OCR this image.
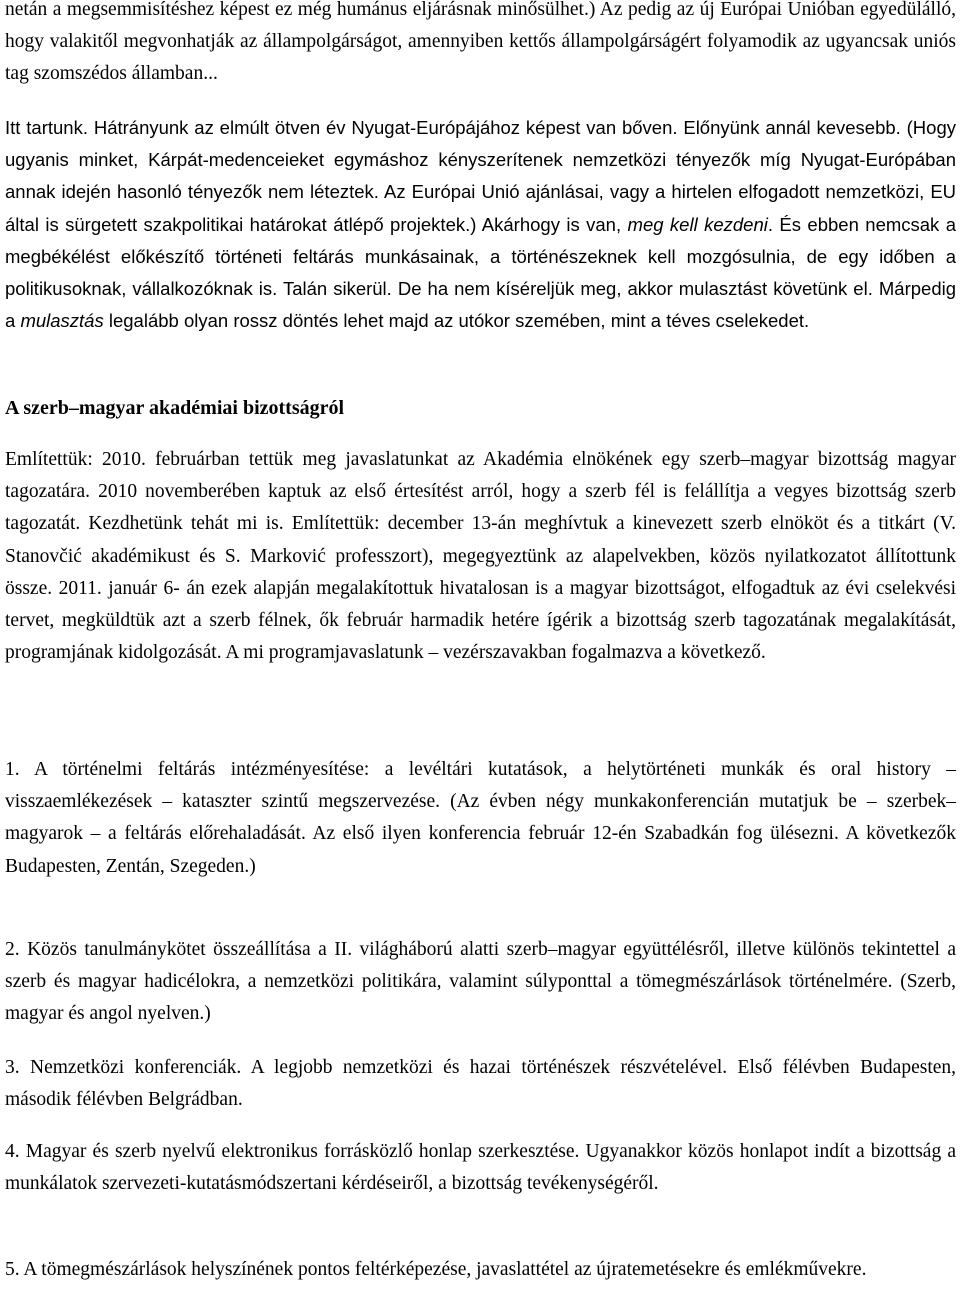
netán a megsemmisítéshez képest ez még humánus eljárásnak minősülhet.) Az pedig az új Európai Unióban egyedülálló, hogy valakitől megvonhatják az állampolgárságot, amennyiben kettős állampolgárságért folyamodik az ugyancsak uniós tag szomszédos államban...

Itt tartunk. Hátrányunk az elmúlt ötven év Nyugat-Európájához képest van bőven. Előnyünk annál kevesebb. (Hogy ugyanis minket, Kárpát-medenceieket egymáshoz kényszerítenek nemzetközi tényezők míg Nyugat-Európában annak idején hasonló tényezők nem léteztek. Az Európai Unió ajánlásai, vagy a hirtelen elfogadott nemzetközi, EU által is sürgetett szakpolitikai határokat átlépő projektek.) Akárhogy is van, meg kell kezdeni. És ebben nemcsak a megbékélést előkészítő történeti feltárás munkásainak, a történészeknek kell mozgósulnia, de egy időben a politikusoknak, vállalkozóknak is. Talán sikerül. De ha nem kíséreljük meg, akkor mulasztást követünk el. Márpedig a mulasztás legalább olyan rossz döntés lehet majd az utókor szemében, mint a téves cselekedet.

A szerb–magyar akadémiai bizottságról

Említettük: 2010. februárban tettük meg javaslatunkat az Akadémia elnökének egy szerb–magyar bizottság magyar tagozatára. 2010 novemberében kaptuk az első értesítést arról, hogy a szerb fél is felállítja a vegyes bizottság szerb tagozatát. Kezdhetünk tehát mi is. Említettük: december 13-án meghívtuk a kinevezett szerb elnököt és a titkárt (V. Stanovčić akadémikust és S. Marković professzort), megegyeztünk az alapelvekben, közös nyilatkozatot állítottunk össze. 2011. január 6- án ezek alapján megalakítottuk hivatalosan is a magyar bizottságot, elfogadtuk az évi cselekvési tervet, megküldtük azt a szerb félnek, ők február harmadik hetére ígérik a bizottság szerb tagozatának megalakítását, programjának kidolgozását. A mi programjavaslatunk – vezérszavakban fogalmazva a következő.

1. A történelmi feltárás intézményesítése: a levéltári kutatások, a helytörténeti munkák és oral history – visszaemlékezések – kataszter szintű megszervezése. (Az évben négy munkakonferencián mutatjuk be – szerbek–magyarok – a feltárás előrehaladását. Az első ilyen konferencia február 12-én Szabadkán fog ülésezni. A következők Budapesten, Zentán, Szegeden.)

2. Közös tanulmánykötet összeállítása a II. világháború alatti szerb–magyar együttélésről, illetve különös tekintettel a szerb és magyar hadicélokra, a nemzetközi politikára, valamint súlyponttal a tömegmészárlások történelmére. (Szerb, magyar és angol nyelven.)

3. Nemzetközi konferenciák. A legjobb nemzetközi és hazai történészek részvételével. Első félévben Budapesten, második félévben Belgrádban.

4. Magyar és szerb nyelvű elektronikus forrásközlő honlap szerkesztése. Ugyanakkor közös honlapot indít a bizottság a munkálatok szervezeti-kutatásmódszertani kérdéseiről, a bizottság tevékenységéről.

5. A tömegmészárlások helyszínének pontos feltérképezése, javaslattétel az újratemetésekre és emlékművekre.
